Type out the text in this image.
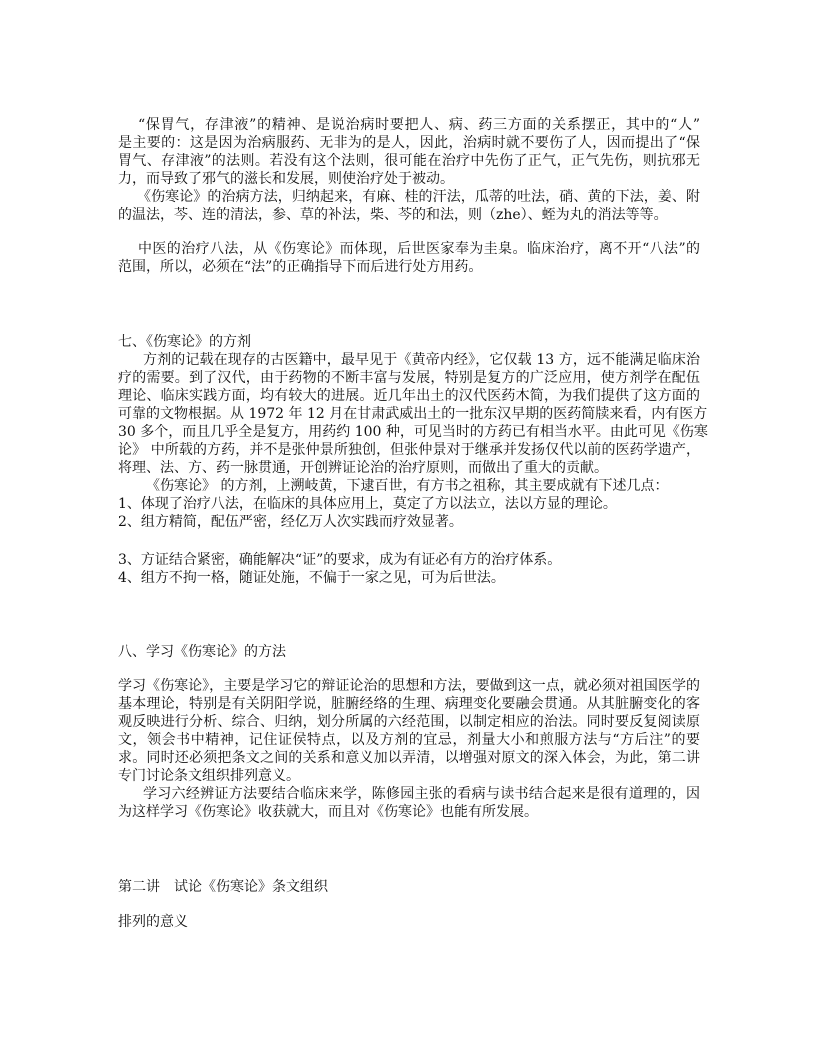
“保胃气，存津液”的精神、是说治病时要把人、病、药三方面的关系摆正，其中的“人”
是主要的：这是因为治病服药、无非为的是人，因此，治病时就不要伤了人，因而提出了“保
胃气、存津液”的法则。若没有这个法则，很可能在治疗中先伤了正气，正气先伤，则抗邪无
力，而导致了邪气的滋长和发展，则使治疗处于被动。
《伤寒论》的治病方法，归纳起来，有麻、桂的汗法，瓜蒂的吐法，硝、黄的下法，姜、附
的温法，芩、连的清法，参、草的补法，柴、芩的和法，则（zhe）、蛭为丸的消法等等。
中医的治疗八法，从《伤寒论》而体现，后世医家奉为圭臬。临床治疗，离不开“八法”的
范围，所以，必须在“法”的正确指导下而后进行处方用药。
七、《伤寒论》的方剂
方剂的记载在现存的古医籍中，最早见于《黄帝内经》，它仅载 13 方，远不能满足临床治
疗的需要。到了汉代，由于药物的不断丰富与发展，特别是复方的广泛应用，使方剂学在配伍
理论、临床实践方面，均有较大的进展。近几年出土的汉代医药木简，为我们提供了这方面的
可靠的文物根据。从 1972 年 12 月在甘肃武威出土的一批东汉早期的医药简牍来看，内有医方
30 多个，而且几乎全是复方，用药约 100 种，可见当时的方药已有相当水平。由此可见《伤寒
论》 中所载的方药，并不是张仲景所独创，但张仲景对于继承并发扬仅代以前的医药学遗产，
将理、法、方、药一脉贯通，开创辨证论治的治疗原则，而做出了重大的贡献。
《伤寒论》 的方剂，上溯岐黄，下逮百世，有方书之祖称，其主要成就有下述几点：
1、体现了治疗八法，在临床的具体应用上，莫定了方以法立，法以方显的理论。
2、组方精简，配伍严密，经亿万人次实践而疗效显著。
3、方证结合紧密，确能解决“证”的要求，成为有证必有方的治疗体系。
4、组方不拘一格，随证处施，不偏于一家之见，可为后世法。
八、学习《伤寒论》的方法
学习《伤寒论》，主要是学习它的辩证论治的思想和方法，要做到这一点，就必须对祖国医学的
基本理论，特别是有关阴阳学说，脏腑经络的生理、病理变化要融会贯通。从其脏腑变化的客
观反映进行分析、综合、归纳，划分所属的六经范围，以制定相应的治法。同时要反复阅读原
文，领会书中精神，记住证侯特点，以及方剂的宜忌，剂量大小和煎服方法与“方后注”的要
求。同时还必须把条文之间的关系和意义加以弄清，以增强对原文的深入体会，为此，第二讲
专门讨论条文组织排列意义。
学习六经辨证方法要结合临床来学，陈修园主张的看病与读书结合起来是很有道理的，因
为这样学习《伤寒论》收获就大，而且对《伤寒论》也能有所发展。
第二讲　试论《伤寒论》条文组织
排列的意义
